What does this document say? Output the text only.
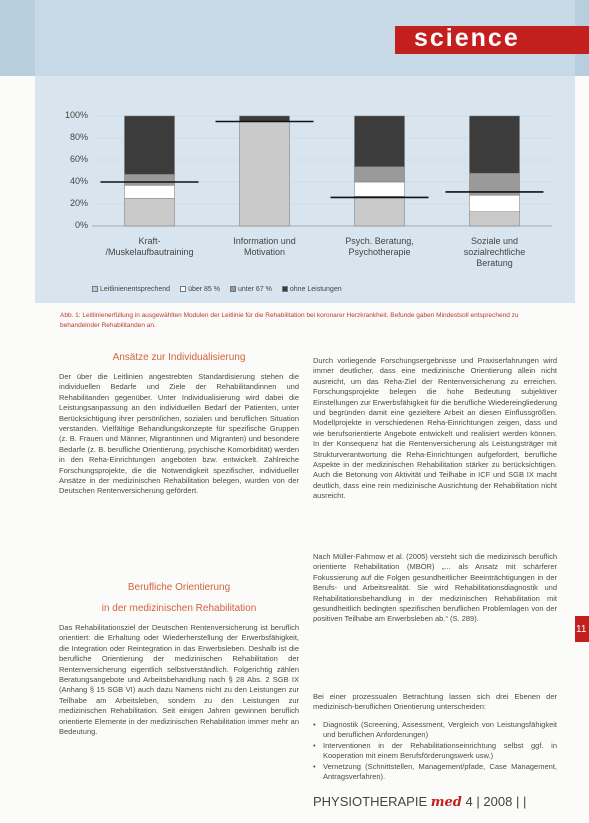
science
100%
80%
60%
40%
20%
0%
Kraft-
/Muskelaufbautraining
Information und
Motivation
Psych. Beratung,
Psychotherapie
Soziale und
sozialrechtliche
Beratung
Leitlinienentsprechend	über 85 %	unter 67 %	ohne Leistungen
Abb. 1: Leitlinienerfüllung in ausgewählten Modulen der Leitlinie für die Rehabilitation bei koronarer Herzkrankheit. Befunde gaben Mindestsoll entsprechend zu behandelnder Rehabilitanden an.
Ansätze zur Individualisierung

Der über die Leitlinien angestrebten Standardisierung stehen die individuellen Bedarfe und Ziele der Rehabilitandinnen und Rehabilitanden gegenüber. Unter Individualisierung wird dabei die Leistungsanpassung an den individuellen Bedarf der Patienten, unter Berücksichtigung ihrer persönlichen, sozialen und beruflichen Situation verstanden. Vielfältige Behandlungskonzepte für spezifische Gruppen (z. B. Frauen und Männer, Migrantinnen und Migranten) und besondere Bedarfe (z. B. berufliche Orientierung, psychische Komorbidität) werden in den Reha-Einrichtungen angeboten bzw. entwickelt. Zahlreiche Forschungsprojekte, die die Notwendigkeit spezifischer, individueller Ansätze in der medizinischen Rehabilitation belegen, wurden von der Deutschen Rentenversicherung gefördert.

Berufliche Orientierung
in der medizinischen Rehabilitation

Das Rehabilitationsziel der Deutschen Rentenversicherung ist beruflich orientiert: die Erhaltung oder Wiederherstellung der Erwerbsfähigkeit, die Integration oder Reintegration in das Erwerbsleben. Deshalb ist die berufliche Orientierung der medizinischen Rehabilitation der Rentenversicherung eigentlich selbstverständlich. Folgerichtig zählen Beratungsangebote und Arbeitsbehandlung nach § 28 Abs. 2 SGB IX (Anhang § 15 SGB VI) auch dazu Namens nicht zu den Leistungen zur Teilhabe am Arbeitsleben, sondern zu den Leistungen zur medizinischen Rehabilitation. Seit einigen Jahren gewinnen beruflich orientierte Elemente in der medizinischen Rehabilitation immer mehr an Bedeutung.

Durch vorliegende Forschungsergebnisse und Praxiserfahrungen wird immer deutlicher, dass eine medizinische Orientierung allein nicht ausreicht, um das Reha-Ziel der Rentenversicherung zu erreichen. Forschungsprojekte belegen die hohe Bedeutung subjektiver Einstellungen zur Erwerbsfähigkeit für die berufliche Wiedereingliederung und begründen damit eine gezieltere Arbeit an diesen Einflussgrößen. Modellprojekte in verschiedenen Reha-Einrichtungen zeigen, dass und wie berufsorientierte Angebote entwickelt und realisiert werden können. In der Konsequenz hat die Rentenversicherung als Leistungsträger mit Strukturverantwortung die Reha-Einrichtungen aufgefordert, berufliche Aspekte in der medizinischen Rehabilitation stärker zu berücksichtigen. Auch die Betonung von Aktivität und Teilhabe in ICF und SGB IX macht deutlich, dass eine rein medizinische Ausrichtung der Rehabilitation nicht ausreicht.

Nach Müller-Fahrnow et al. (2005) versteht sich die medizinisch beruflich orientierte Rehabilitation (MBOR) „... als Ansatz mit schärferer Fokussierung auf die Folgen gesundheitlicher Beeinträchtigungen in der Berufs- und Arbeitsrealität. Sie wird Rehabilitationsdiagnostik und Rehabilitationsbehandlung in der medizinischen Rehabilitation mit gesundheitlich bedingten spezifischen beruflichen Problemlagen von der positiven Teilhabe am Erwerbsleben ab.“ (S. 289).

Bei einer prozessualen Betrachtung lassen sich drei Ebenen der medizinisch-beruflichen Orientierung unterscheiden:

• Diagnostik (Screening, Assessment, Vergleich von Leistungsfähigkeit und beruflichen Anforderungen)
• Interventionen in der Rehabilitationseinrichtung selbst ggf. in Kooperation mit einem Berufsförderungswerk usw.)
• Vernetzung (Schnittstellen, Management/pfade, Case Management, Antragsverfahren).
11
PHYSIOTHERAPIE med 4 | 2008 | |
